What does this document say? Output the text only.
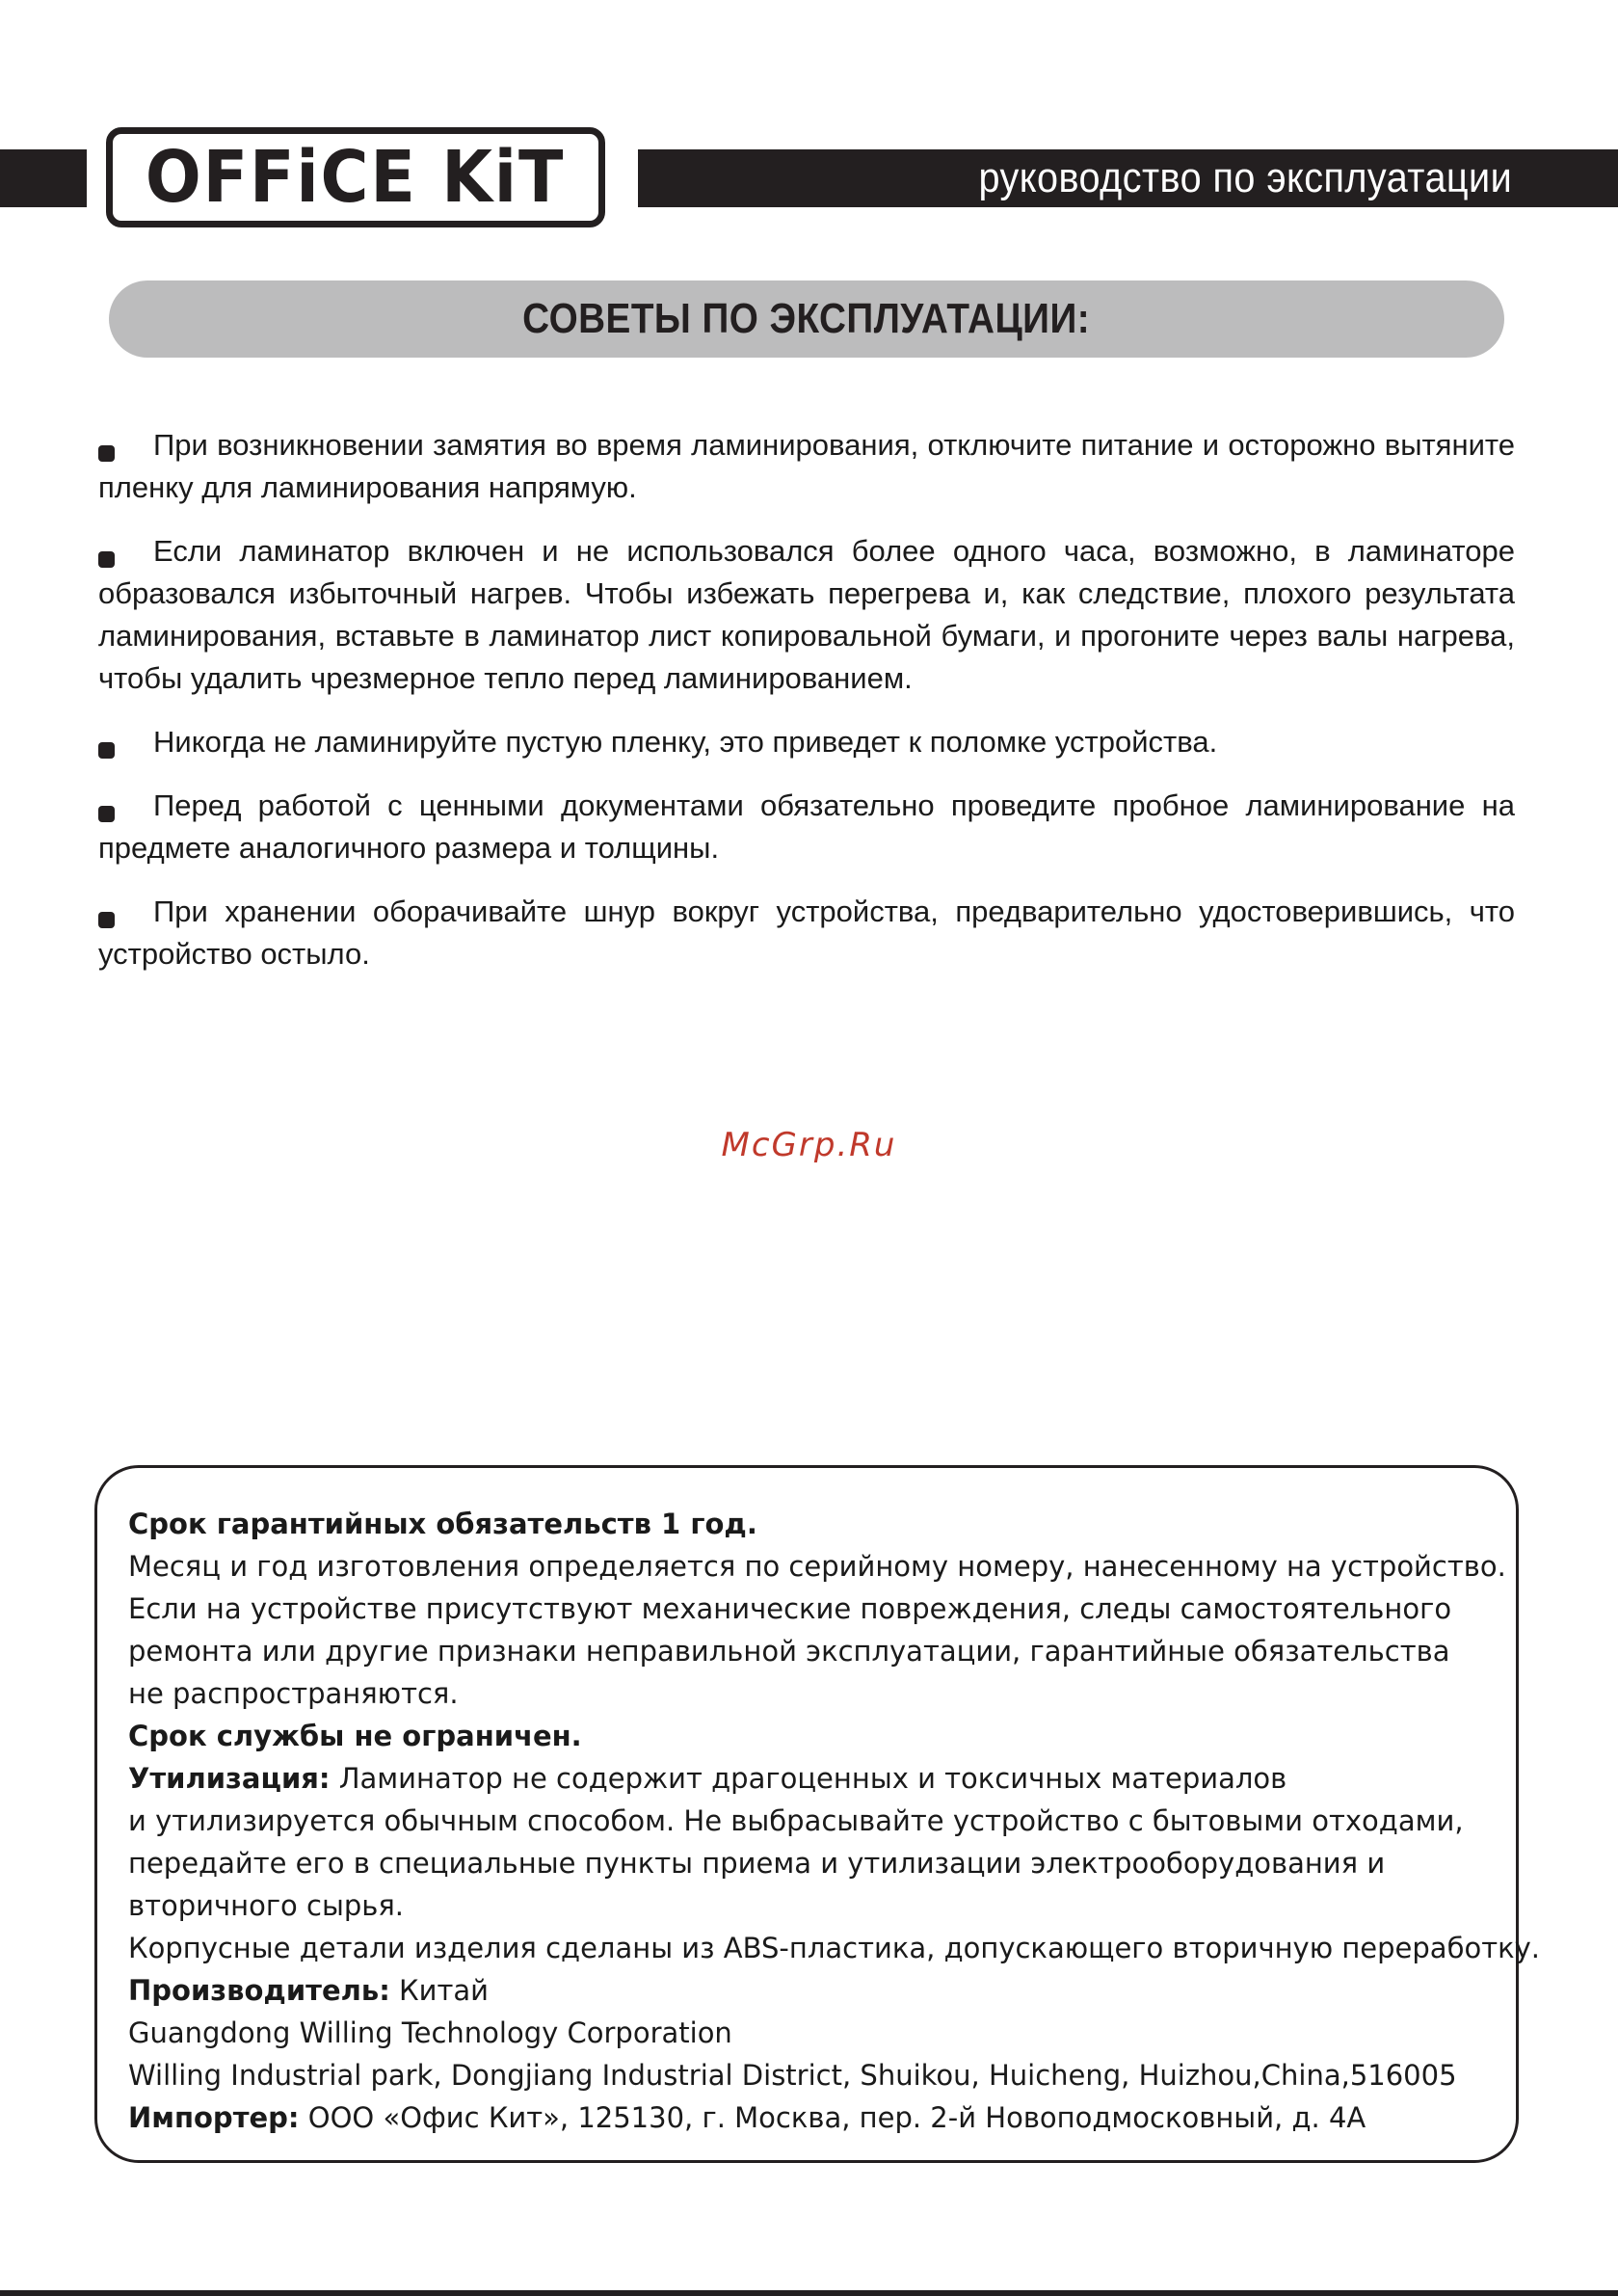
руководство по эксплуатации
OFFiCE KiT
СОВЕТЫ ПО ЭКСПЛУАТАЦИИ:

При возникновении замятия во время ламинирования, отключите питание и осторожно вытяните пленку для ламинирования напрямую.

Если ламинатор включен и не использовался более одного часа, возможно, в ламинаторе образовался избыточный нагрев. Чтобы избежать перегрева и, как следствие, плохого результата ламинирования, вставьте в ламинатор лист копировальной бумаги, и прогоните через валы нагрева, чтобы удалить чрезмерное тепло перед ламинированием.

Никогда не ламинируйте пустую пленку, это приведет к поломке устройства.

Перед работой с ценными документами обязательно проведите пробное ламинирование на предмете аналогичного размера и толщины.

При хранении оборачивайте шнур вокруг устройства, предварительно удостоверившись, что устройство остыло.

McGrp.Ru
Срок гарантийных обязательств 1 год.
Месяц и год изготовления определяется по серийному номеру, нанесенному на устройство.
Если на устройстве присутствуют механические повреждения, следы самостоятельного
ремонта или другие признаки неправильной эксплуатации, гарантийные обязательства
не распространяются.
Срок службы не ограничен.
Утилизация: Ламинатор не содержит драгоценных и токсичных материалов
и утилизируется обычным способом. Не выбрасывайте устройство с бытовыми отходами,
передайте его в специальные пункты приема и утилизации электрооборудования и
вторичного сырья.
Корпусные детали изделия сделаны из ABS-пластика, допускающего вторичную переработку.
Производитель: Китай
Guangdong Willing Technology Corporation
Willing Industrial park, Dongjiang Industrial District, Shuikou, Huicheng, Huizhou,China,516005
Импортер: ООО «Офис Кит», 125130, г. Москва, пер. 2-й Новоподмосковный, д. 4А
